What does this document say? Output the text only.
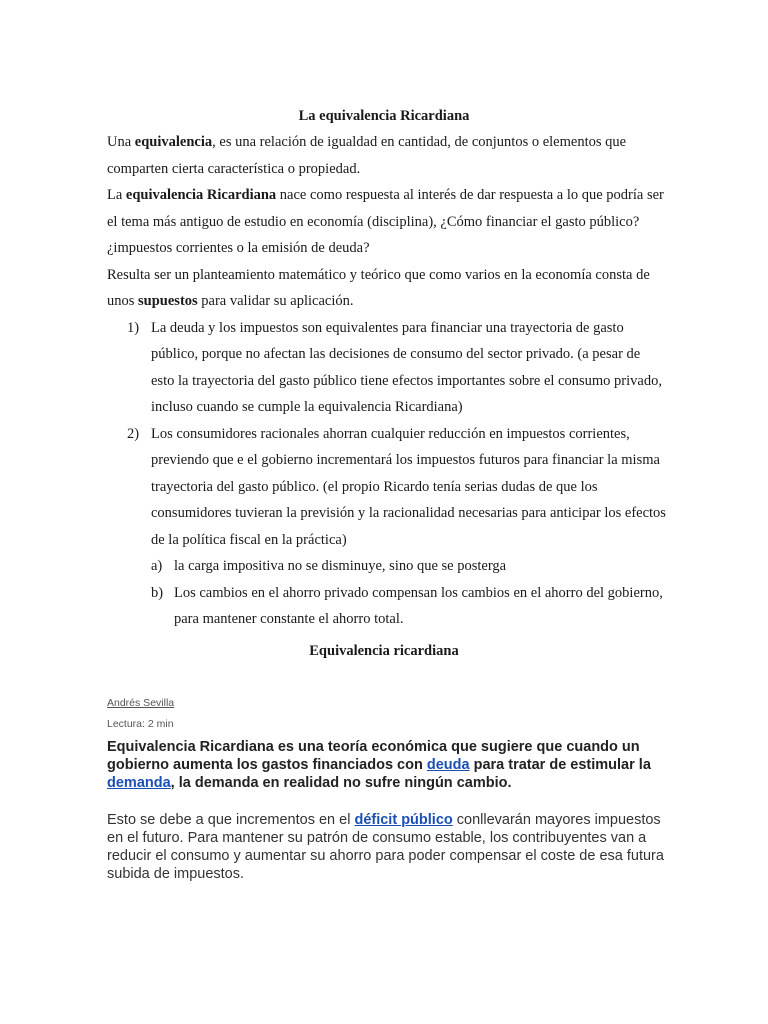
La equivalencia Ricardiana

Una equivalencia, es una relación de igualdad en cantidad, de conjuntos o elementos que comparten cierta característica o propiedad.

La equivalencia Ricardiana nace como respuesta al interés de dar respuesta a lo que podría ser el tema más antiguo de estudio en economía (disciplina), ¿Cómo financiar el gasto público? ¿impuestos corrientes o la emisión de deuda?

Resulta ser un planteamiento matemático y teórico que como varios en la economía consta de unos supuestos para validar su aplicación.

1) La deuda y los impuestos son equivalentes para financiar una trayectoria de gasto público, porque no afectan las decisiones de consumo del sector privado. (a pesar de esto la trayectoria del gasto público tiene efectos importantes sobre el consumo privado, incluso cuando se cumple la equivalencia Ricardiana)
2) Los consumidores racionales ahorran cualquier reducción en impuestos corrientes, previendo que e el gobierno incrementará los impuestos futuros para financiar la misma trayectoria del gasto público. (el propio Ricardo tenía serias dudas de que los consumidores tuvieran la previsión y la racionalidad necesarias para anticipar los efectos de la política fiscal en la práctica)
a) la carga impositiva no se disminuye, sino que se posterga
b) Los cambios en el ahorro privado compensan los cambios en el ahorro del gobierno, para mantener constante el ahorro total.
Equivalencia ricardiana
Andrés Sevilla
Lectura: 2 min

Equivalencia Ricardiana es una teoría económica que sugiere que cuando un gobierno aumenta los gastos financiados con deuda para tratar de estimular la demanda, la demanda en realidad no sufre ningún cambio.

Esto se debe a que incrementos en el déficit público conllevarán mayores impuestos en el futuro. Para mantener su patrón de consumo estable, los contribuyentes van a reducir el consumo y aumentar su ahorro para poder compensar el coste de esa futura subida de impuestos.
